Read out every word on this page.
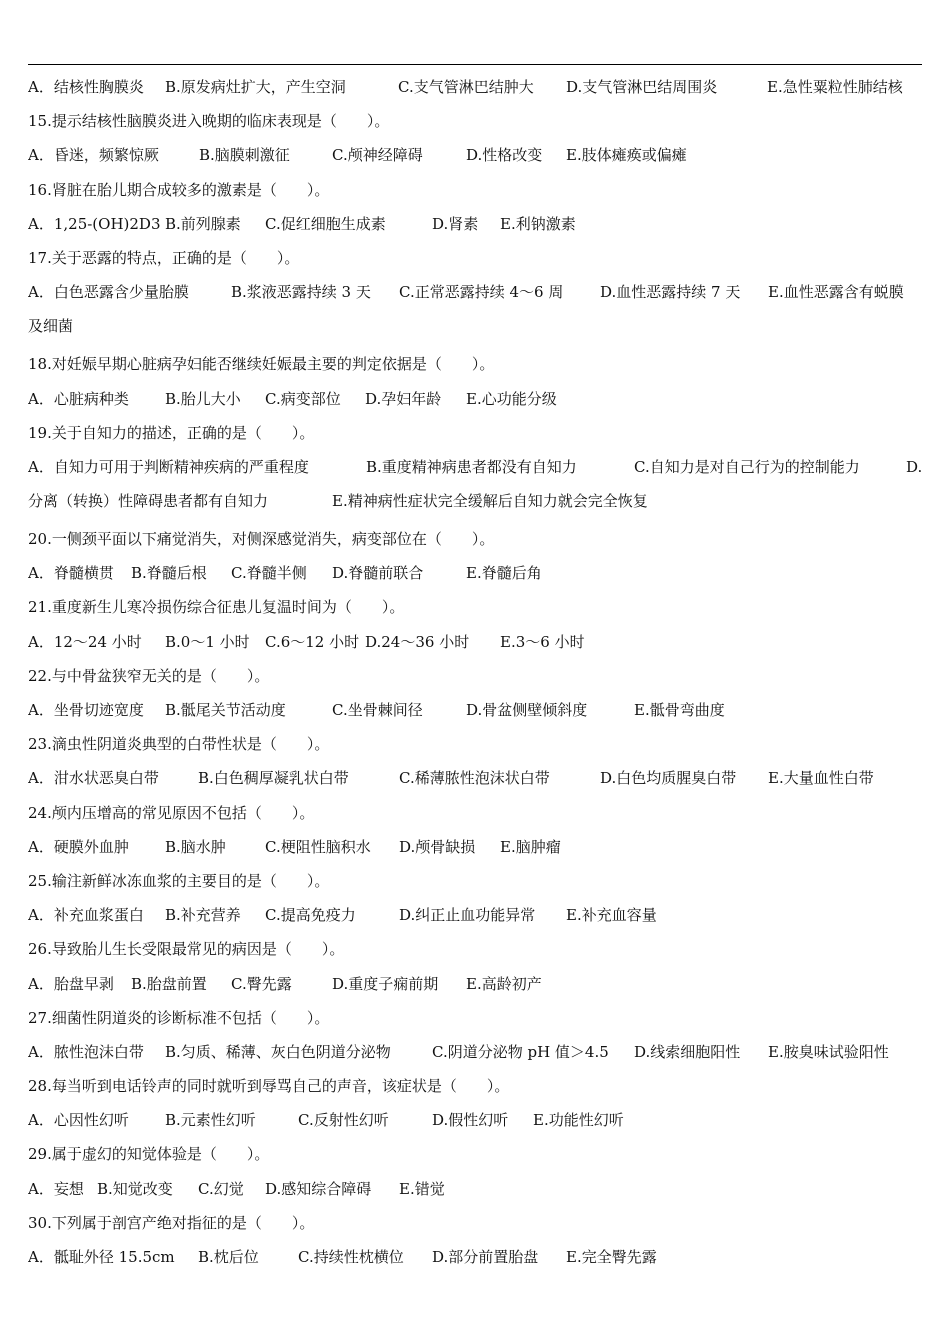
A．结核性胸膜炎 B.原发病灶扩大，产生空洞	C.支气管淋巴结肿大 D.支气管淋巴结周围炎	E.急性粟粒性肺结核
15.提示结核性脑膜炎进入晚期的临床表现是（　　）。
A．昏迷，频繁惊厥	B.脑膜刺激征	C.颅神经障碍	D.性格改变 E.肢体瘫痪或偏瘫
16.肾脏在胎儿期合成较多的激素是（　　）。
A．1,25-(OH)2D3 B.前列腺素 C.促红细胞生成素	D.肾素 E.利钠激素
17.关于恶露的特点，正确的是（　　）。
A．白色恶露含少量胎膜	B.浆液恶露持续 3 天 C.正常恶露持续 4～6 周 D.血性恶露持续 7 天 E.血性恶露含有蜕膜
及细菌
18.对妊娠早期心脏病孕妇能否继续妊娠最主要的判定依据是（　　）。
A．心脏病种类 B.胎儿大小 C.病变部位 D.孕妇年龄 E.心功能分级
19.关于自知力的描述，正确的是（　　）。
A．自知力可用于判断精神疾病的严重程度	B.重度精神病患者都没有自知力	C.自知力是对自己行为的控制能力	D.
分离（转换）性障碍患者都有自知力	E.精神病性症状完全缓解后自知力就会完全恢复
20.一侧颈平面以下痛觉消失，对侧深感觉消失，病变部位在（　　）。
A．脊髓横贯 B.脊髓后根 C.脊髓半侧 D.脊髓前联合	E.脊髓后角
21.重度新生儿寒冷损伤综合征患儿复温时间为（　　）。
A．12～24 小时 B.0～1 小时 C.6～12 小时 D.24～36 小时 E.3～6 小时
22.与中骨盆狭窄无关的是（　　）。
A．坐骨切迹宽度 B.骶尾关节活动度	C.坐骨棘间径	D.骨盆侧壁倾斜度	E.骶骨弯曲度
23.滴虫性阴道炎典型的白带性状是（　　）。
A．泔水状恶臭白带	B.白色稠厚凝乳状白带	C.稀薄脓性泡沫状白带	D.白色均质腥臭白带 E.大量血性白带
24.颅内压增高的常见原因不包括（　　）。
A．硬膜外血肿 B.脑水肿	C.梗阻性脑积水 D.颅骨缺损 E.脑肿瘤
25.输注新鲜冰冻血浆的主要目的是（　　）。
A．补充血浆蛋白 B.补充营养 C.提高免疫力	D.纠正止血功能异常 E.补充血容量
26.导致胎儿生长受限最常见的病因是（　　）。
A．胎盘早剥 B.胎盘前置 C.臀先露	D.重度子痫前期 E.高龄初产
27.细菌性阴道炎的诊断标准不包括（　　）。
A．脓性泡沫白带 B.匀质、稀薄、灰白色阴道分泌物	C.阴道分泌物 pH 值＞4.5 D.线索细胞阳性 E.胺臭味试验阳性
28.每当听到电话铃声的同时就听到辱骂自己的声音，该症状是（　　）。
A．心因性幻听 B.元素性幻听	C.反射性幻听	D.假性幻听 E.功能性幻听
29.属于虚幻的知觉体验是（　　）。
A．妄想 B.知觉改变 C.幻觉 D.感知综合障碍 E.错觉
30.下列属于剖宫产绝对指征的是（　　）。
A．骶耻外径 15.5cm B.枕后位	C.持续性枕横位 D.部分前置胎盘 E.完全臀先露
